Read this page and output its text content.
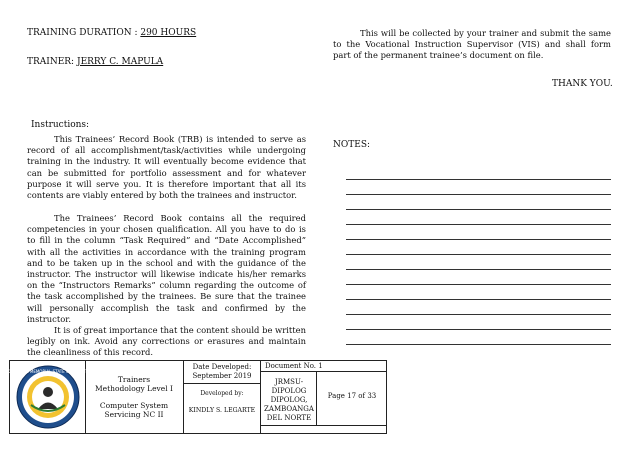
TRAINING DURATION : 290 HOURS
TRAINER: JERRY C. MAPULA
Instructions:
This Trainees’ Record Book (TRB) is intended to serve as record of all accomplishment/task/activities while undergoing training in the industry. It will eventually become evidence that can be submitted for portfolio assessment and for whatever purpose it will serve you. It is therefore important that all its contents are viably entered by both the trainees and instructor.
The Trainees’ Record Book contains all the required competencies in your chosen qualification. All you have to do is to fill in the column “Task Required” and “Date Accomplished” with all the activities in accordance with the training program and to be taken up in the school and with the guidance of the instructor. The instructor will likewise indicate his/her remarks on the “Instructors Remarks” column regarding the outcome of the task accomplished by the trainees. Be sure that the trainee will personally accomplish the task and confirmed by the instructor.
It is of great importance that the content should be written legibly on ink. Avoid any corrections or erasures and maintain the cleanliness of this record.
This will be collected by your trainer and submit the same to the Vocational Instruction Supervisor (VIS) and shall form part of the permanent trainee’s document on file.
THANK YOU.
NOTES:
JOSE RIZAL MEMORIAL STATE UNIVERSITY
Trainers
Methodology Level I
Computer System
Servicing NC II
Date Developed:
September 2019
Developed by:
KINDLY S. LEGARTE
Document No. 1
JRMSU-DIPOLOG DIPOLOG, ZAMBOANGA DEL NORTE
Page 17 of 33
